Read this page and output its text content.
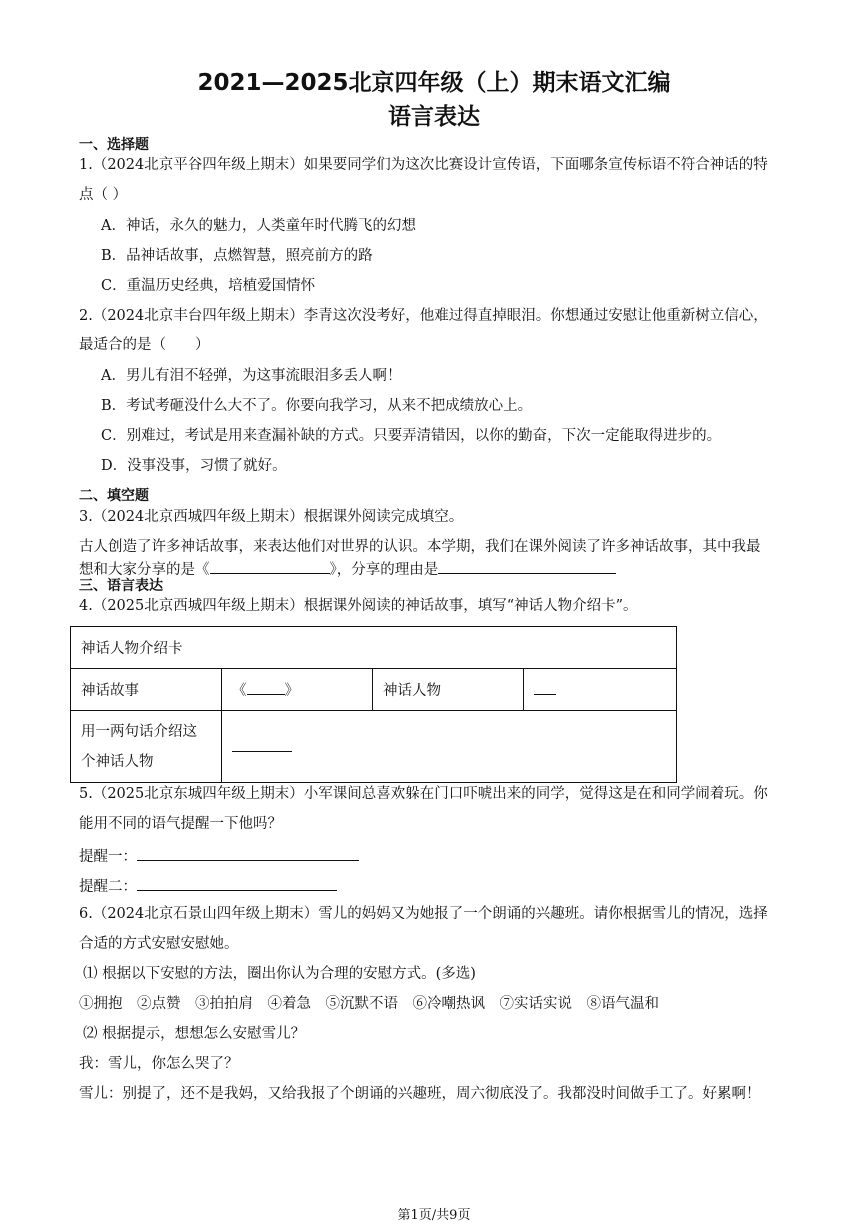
2021—2025北京四年级（上）期末语文汇编
语言表达
一、选择题
1.（2024北京平谷四年级上期末）如果要同学们为这次比赛设计宣传语，下面哪条宣传标语不符合神话的特
点（ ）
A．神话，永久的魅力，人类童年时代腾飞的幻想
B．品神话故事，点燃智慧，照亮前方的路
C．重温历史经典，培植爱国情怀
2.（2024北京丰台四年级上期末）李青这次没考好，他难过得直掉眼泪。你想通过安慰让他重新树立信心，
最适合的是（　　）
A．男儿有泪不轻弹，为这事流眼泪多丢人啊！
B．考试考砸没什么大不了。你要向我学习，从来不把成绩放心上。
C．别难过，考试是用来查漏补缺的方式。只要弄清错因，以你的勤奋，下次一定能取得进步的。
D．没事没事，习惯了就好。
二、填空题
3.（2024北京西城四年级上期末）根据课外阅读完成填空。
古人创造了许多神话故事，来表达他们对世界的认识。本学期，我们在课外阅读了许多神话故事，其中我最
想和大家分享的是《	》，分享的理由是
三、语言表达
4.（2025北京西城四年级上期末）根据课外阅读的神话故事，填写“神话人物介绍卡”。
神话人物介绍卡			
神话故事	《 》	神话人物	
用一两句话介绍这
个神话人物			
5.（2025北京东城四年级上期末）小军课间总喜欢躲在门口吓唬出来的同学，觉得这是在和同学闹着玩。你
能用不同的语气提醒一下他吗？
提醒一：
提醒二：
6.（2024北京石景山四年级上期末）雪儿的妈妈又为她报了一个朗诵的兴趣班。请你根据雪儿的情况，选择
合适的方式安慰安慰她。
⑴ 根据以下安慰的方法，圈出你认为合理的安慰方式。(多选)
①拥抱　②点赞　③拍拍肩　④着急　⑤沉默不语　⑥冷嘲热讽　⑦实话实说　⑧语气温和
⑵ 根据提示，想想怎么安慰雪儿？
我：雪儿，你怎么哭了？
雪儿：别提了，还不是我妈，又给我报了个朗诵的兴趣班，周六彻底没了。我都没时间做手工了。好累啊！
第1页/共9页
